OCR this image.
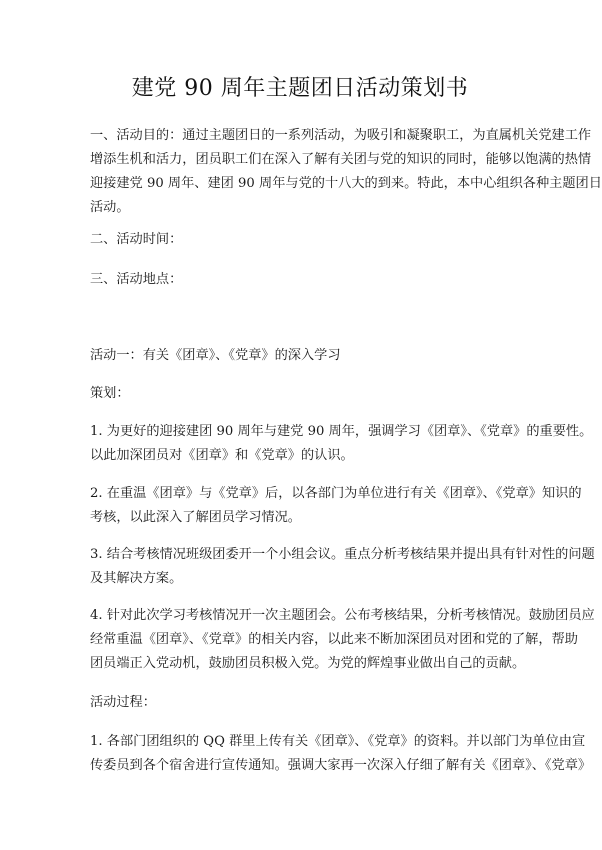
建党 90 周年主题团日活动策划书

一、活动目的：通过主题团日的一系列活动，为吸引和凝聚职工，为直属机关党建工作
增添生机和活力，团员职工们在深入了解有关团与党的知识的同时，能够以饱满的热情
迎接建党 90 周年、建团 90 周年与党的十八大的到来。特此，本中心组织各种主题团日
活动。

二、活动时间：

三、活动地点：

活动一：有关《团章》、《党章》的深入学习

策划：

1. 为更好的迎接建团 90 周年与建党 90 周年，强调学习《团章》、《党章》的重要性。
以此加深团员对《团章》和《党章》的认识。

2. 在重温《团章》与《党章》后，以各部门为单位进行有关《团章》、《党章》知识的
考核，以此深入了解团员学习情况。

3. 结合考核情况班级团委开一个小组会议。重点分析考核结果并提出具有针对性的问题
及其解决方案。

4. 针对此次学习考核情况开一次主题团会。公布考核结果，分析考核情况。鼓励团员应
经常重温《团章》、《党章》的相关内容，以此来不断加深团员对团和党的了解，帮助
团员端正入党动机，鼓励团员积极入党。为党的辉煌事业做出自己的贡献。

活动过程：

1. 各部门团组织的 QQ 群里上传有关《团章》、《党章》的资料。并以部门为单位由宣
传委员到各个宿舍进行宣传通知。强调大家再一次深入仔细了解有关《团章》、《党章》
